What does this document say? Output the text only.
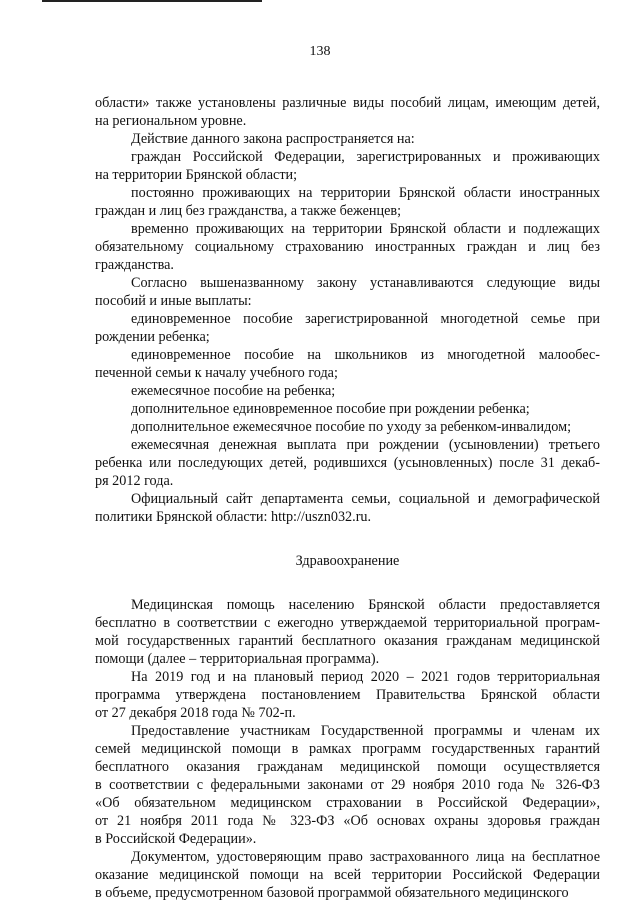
138
области» также установлены различные виды пособий лицам, имеющим детей,
на региональном уровне.
Действие данного закона распространяется на:
граждан Российской Федерации, зарегистрированных и проживающих
на территории Брянской области;
постоянно проживающих на территории Брянской области иностранных
граждан и лиц без гражданства, а также беженцев;
временно проживающих на территории Брянской области и подлежащих
обязательному социальному страхованию иностранных граждан и лиц без
гражданства.
Согласно вышеназванному закону устанавливаются следующие виды
пособий и иные выплаты:
единовременное пособие зарегистрированной многодетной семье при
рождении ребенка;
единовременное пособие на школьников из многодетной малообес-
печенной семьи к началу учебного года;
ежемесячное пособие на ребенка;
дополнительное единовременное пособие при рождении ребенка;
дополнительное ежемесячное пособие по уходу за ребенком-инвалидом;
ежемесячная денежная выплата при рождении (усыновлении) третьего
ребенка или последующих детей, родившихся (усыновленных) после 31 декаб-
ря 2012 года.
Официальный сайт департамента семьи, социальной и демографической
политики Брянской области: http://uszn032.ru.
Здравоохранение
Медицинская помощь населению Брянской области предоставляется
бесплатно в соответствии с ежегодно утверждаемой территориальной програм-
мой государственных гарантий бесплатного оказания гражданам медицинской
помощи (далее – территориальная программа).
На 2019 год и на плановый период 2020 – 2021 годов территориальная
программа утверждена постановлением Правительства Брянской области
от 27 декабря 2018 года № 702-п.
Предоставление участникам Государственной программы и членам их
семей медицинской помощи в рамках программ государственных гарантий
бесплатного оказания гражданам медицинской помощи осуществляется
в соответствии с федеральными законами от 29 ноября 2010 года № 326-ФЗ
«Об обязательном медицинском страховании в Российской Федерации»,
от 21 ноября 2011 года № 323-ФЗ «Об основах охраны здоровья граждан
в Российской Федерации».
Документом, удостоверяющим право застрахованного лица на бесплатное
оказание медицинской помощи на всей территории Российской Федерации
в объеме, предусмотренном базовой программой обязательного медицинского
